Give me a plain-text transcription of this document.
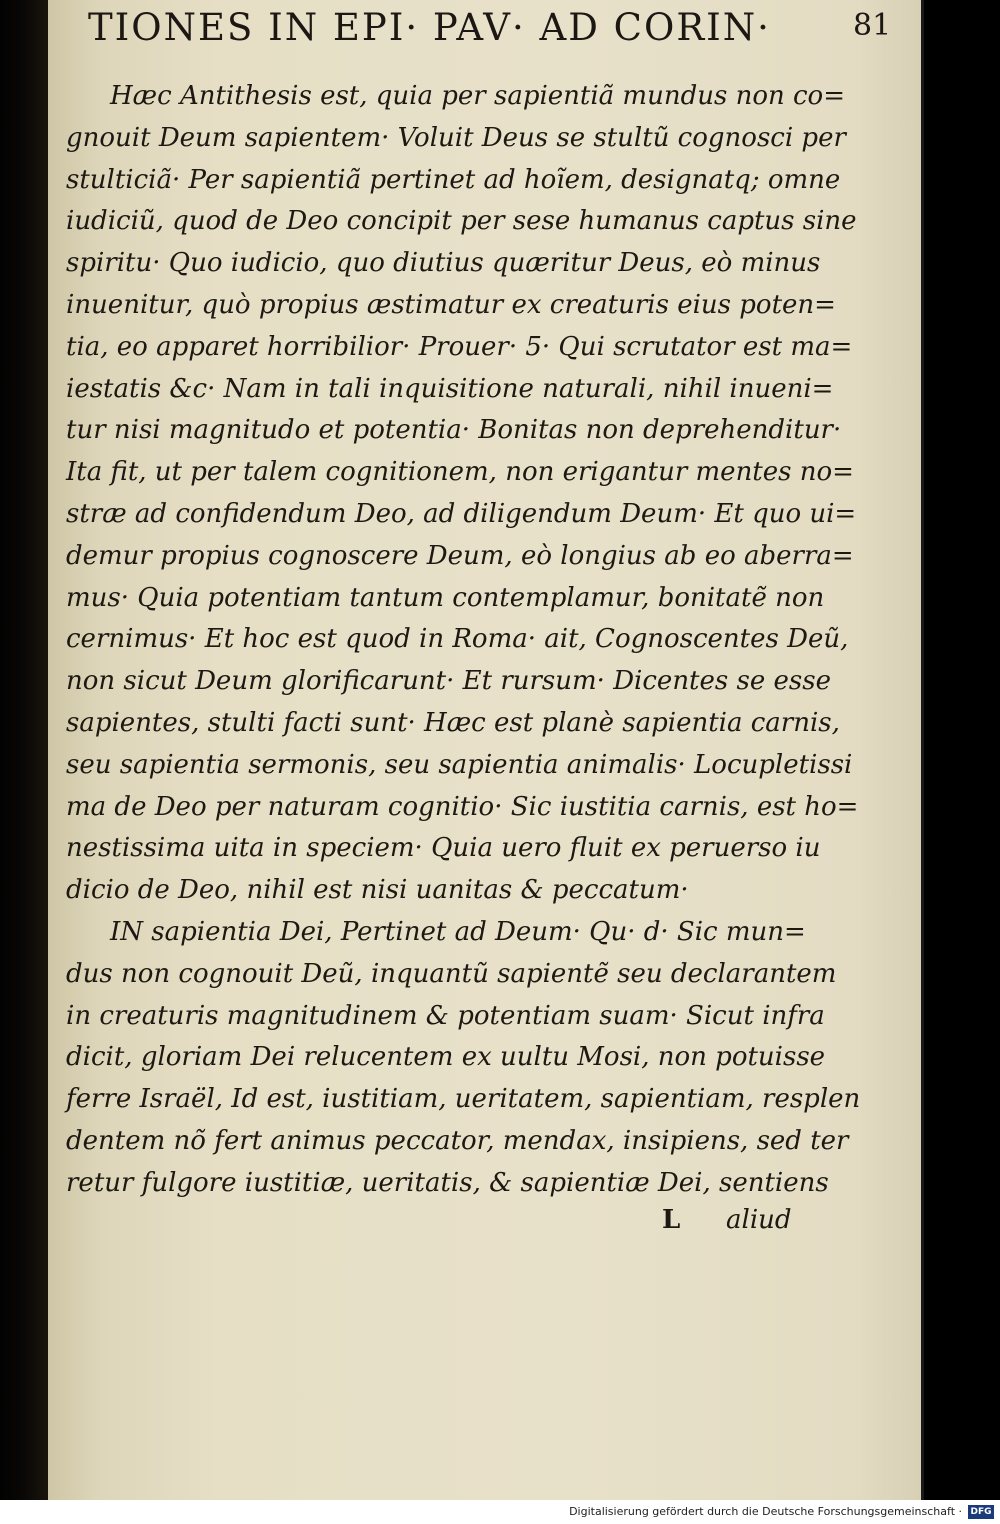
TIONES IN EPI· PAV· AD CORIN·	81
Hæc Antithesis est, quia per sapientiã mundus non co=
gnouit Deum sapientem· Voluit Deus se stultũ cognosci per
stulticiã· Per sapientiã pertinet ad hoĩem, designatq; omne
iudiciũ, quod de Deo concipit per sese humanus captus sine
spiritu· Quo iudicio, quo diutius quæritur Deus, eò minus
inuenitur, quò propius æstimatur ex creaturis eius poten=
tia, eo apparet horribilior· Prouer· 5· Qui scrutator est ma=
iestatis &c· Nam in tali inquisitione naturali, nihil inueni=
tur nisi magnitudo et potentia· Bonitas non deprehenditur·
Ita fit, ut per talem cognitionem, non erigantur mentes no=
stræ ad confidendum Deo, ad diligendum Deum· Et quo ui=
demur propius cognoscere Deum, eò longius ab eo aberra=
mus· Quia potentiam tantum contemplamur, bonitatẽ non
cernimus· Et hoc est quod in Roma· ait, Cognoscentes Deũ,
non sicut Deum glorificarunt· Et rursum· Dicentes se esse
sapientes, stulti facti sunt· Hæc est planè sapientia carnis,
seu sapientia sermonis, seu sapientia animalis· Locupletissi
ma de Deo per naturam cognitio· Sic iustitia carnis, est ho=
nestissima uita in speciem· Quia uero fluit ex peruerso iu
dicio de Deo, nihil est nisi uanitas & peccatum·
IN sapientia Dei, Pertinet ad Deum· Qu· d· Sic mun=
dus non cognouit Deũ, inquantũ sapientẽ seu declarantem
in creaturis magnitudinem & potentiam suam· Sicut infra
dicit, gloriam Dei relucentem ex uultu Mosi, non potuisse
ferre Israël, Id est, iustitiam, ueritatem, sapientiam, resplen
dentem nõ fert animus peccator, mendax, insipiens, sed ter
retur fulgore iustitiæ, ueritatis, & sapientiæ Dei, sentiens
L aliud
Digitalisierung gefördert durch die Deutsche Forschungsgemeinschaft · DFG
